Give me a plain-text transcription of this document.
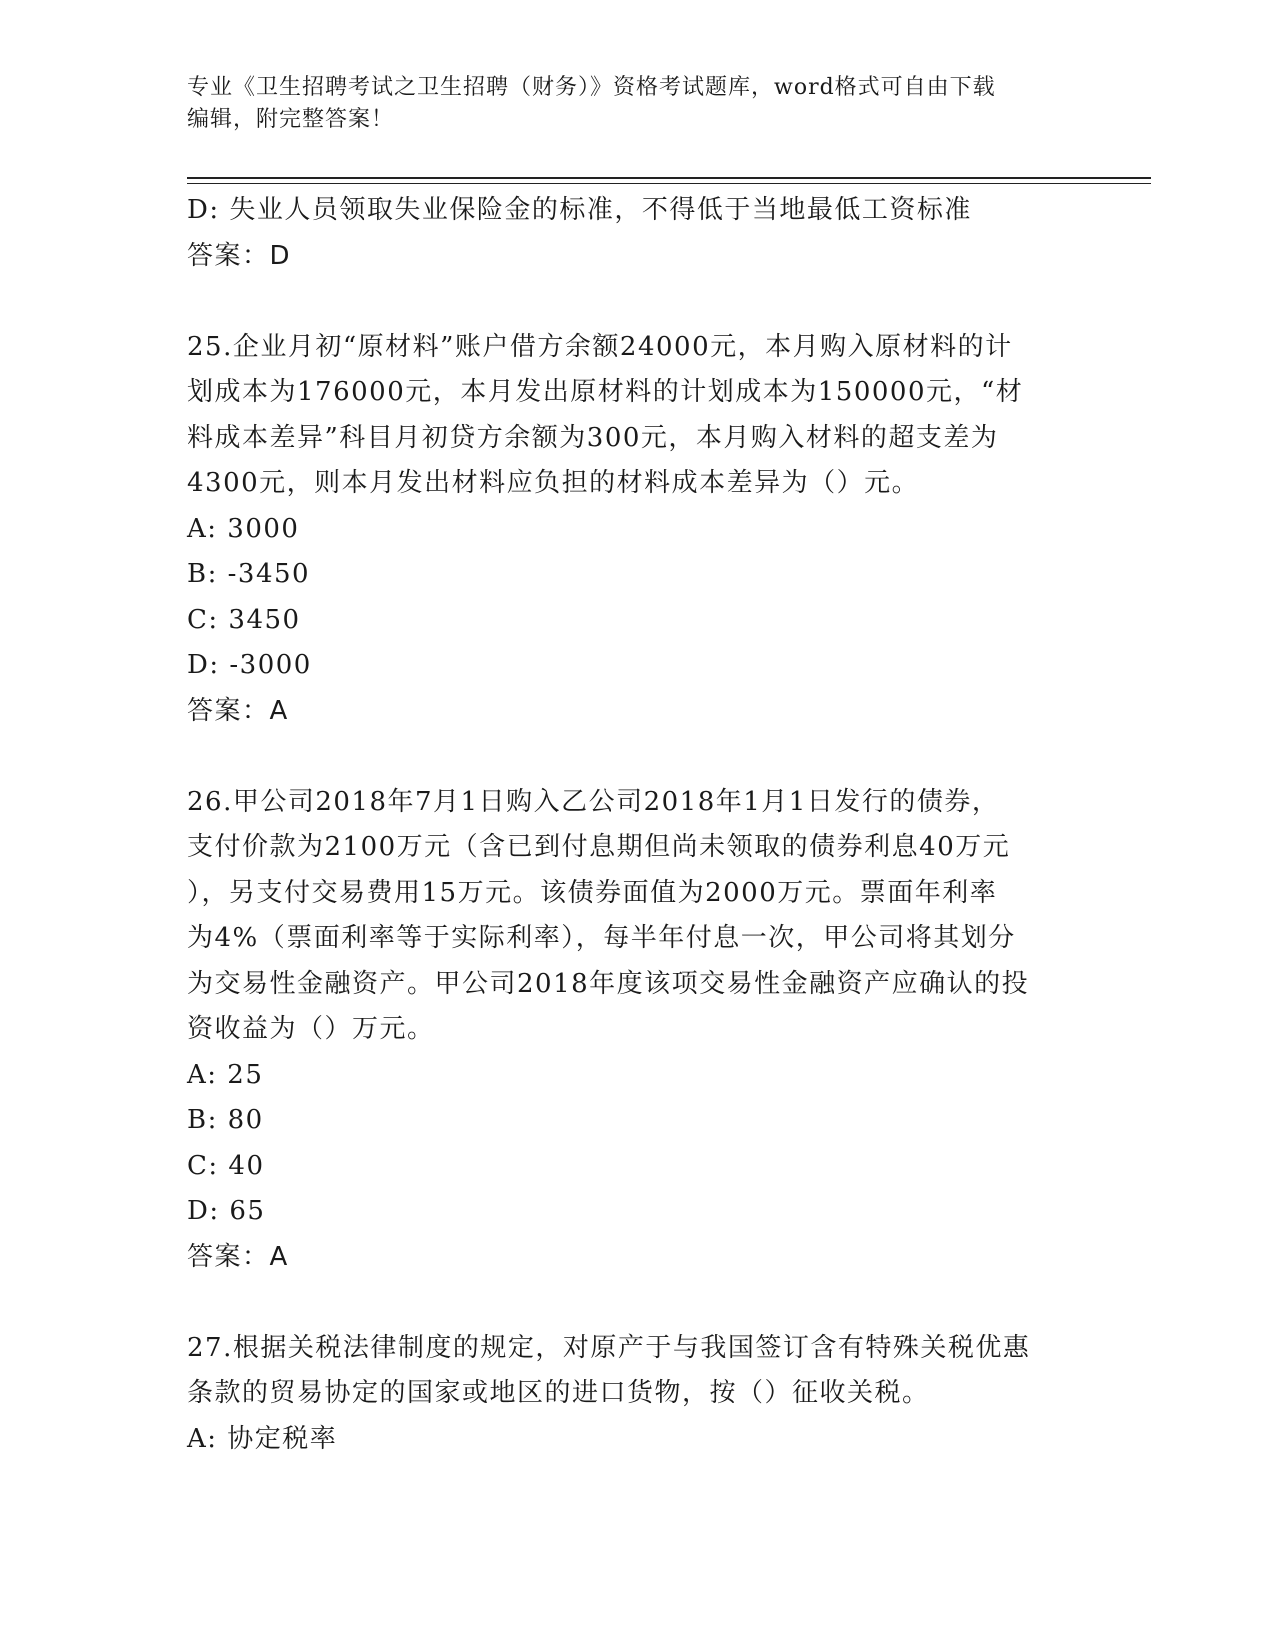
专业《卫生招聘考试之卫生招聘（财务）》资格考试题库，word格式可自由下载
编辑，附完整答案！

D: 失业人员领取失业保险金的标准，不得低于当地最低工资标准

答案：D

25.企业月初“原材料”账户借方余额24000元，本月购入原材料的计

划成本为176000元，本月发出原材料的计划成本为150000元，“材

料成本差异”科目月初贷方余额为300元，本月购入材料的超支差为

4300元，则本月发出材料应负担的材料成本差异为（）元。

A: 3000

B: -3450

C: 3450

D: -3000

答案：A

26.甲公司2018年7月1日购入乙公司2018年1月1日发行的债券，

支付价款为2100万元（含已到付息期但尚未领取的债券利息40万元

），另支付交易费用15万元。该债券面值为2000万元。票面年利率

为4%（票面利率等于实际利率），每半年付息一次，甲公司将其划分

为交易性金融资产。甲公司2018年度该项交易性金融资产应确认的投

资收益为（）万元。

A: 25

B: 80

C: 40

D: 65

答案：A

27.根据关税法律制度的规定，对原产于与我国签订含有特殊关税优惠

条款的贸易协定的国家或地区的进口货物，按（）征收关税。

A: 协定税率
